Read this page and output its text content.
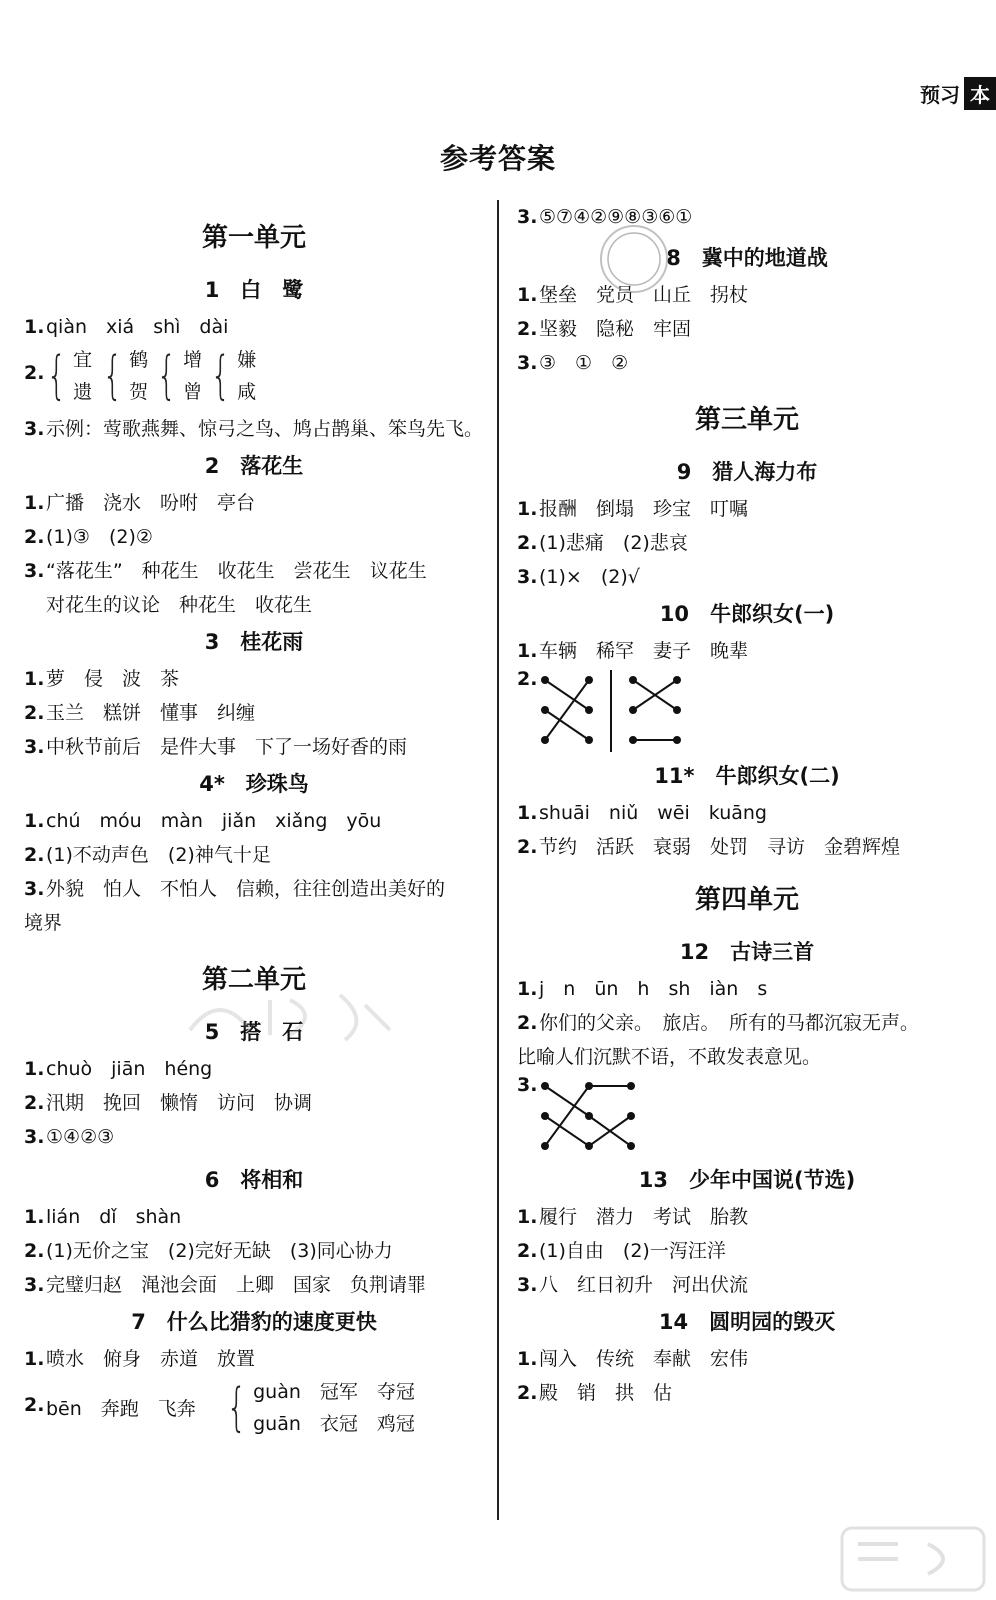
预习 本
参考答案
第一单元
1　白　鹭
1.qiàn　xiá　shì　dài
2. { 宜
遗 { 鹤
贺 { 增
曾 { 嫌
咸
3.示例：莺歌燕舞、惊弓之鸟、鸠占鹊巢、笨鸟先飞。
2　落花生
1.广播　浇水　吩咐　亭台
2.(1)③　(2)②
3.“落花生”　种花生　收花生　尝花生　议花生
对花生的议论　种花生　收花生
3　桂花雨
1.萝　侵　波　茶
2.玉兰　糕饼　懂事　纠缠
3.中秋节前后　是件大事　下了一场好香的雨
4*　珍珠鸟
1.chú　móu　màn　jiǎn　xiǎng　yōu
2.(1)不动声色　(2)神气十足
3.外貌　怕人　不怕人　信赖，往往创造出美好的
境界
第二单元
5　搭　石
1.chuò　jiān　héng
2.汛期　挽回　懒惰　访问　协调
3.①④②③
6　将相和
1.lián　dǐ　shàn
2.(1)无价之宝　(2)完好无缺　(3)同心协力
3.完璧归赵　渑池会面　上卿　国家　负荆请罪
7　什么比猎豹的速度更快
1.喷水　俯身　赤道　放置
2. bēn　奔跑　飞奔 { guàn　冠军　夺冠
guān　衣冠　鸡冠
3.⑤⑦④②⑨⑧③⑥①
8　冀中的地道战
1.堡垒　党员　山丘　拐杖
2.坚毅　隐秘　牢固
3.③　①　②
第三单元
9　猎人海力布
1.报酬　倒塌　珍宝　叮嘱
2.(1)悲痛　(2)悲哀
3.(1)×　(2)√
10　牛郎织女(一)
1.车辆　稀罕　妻子　晚辈
2.
11*　牛郎织女(二)
1.shuāi　niǔ　wēi　kuāng
2.节约　活跃　衰弱　处罚　寻访　金碧辉煌
第四单元
12　古诗三首
1.j　n　ūn　h　sh　iàn　s
2.你们的父亲。　旅店。　所有的马都沉寂无声。
比喻人们沉默不语，不敢发表意见。
3.
13　少年中国说(节选)
1.履行　潜力　考试　胎教
2.(1)自由　(2)一泻汪洋
3.八　红日初升　河出伏流
14　圆明园的毁灭
1.闯入　传统　奉献　宏伟
2.殿　销　拱　估
